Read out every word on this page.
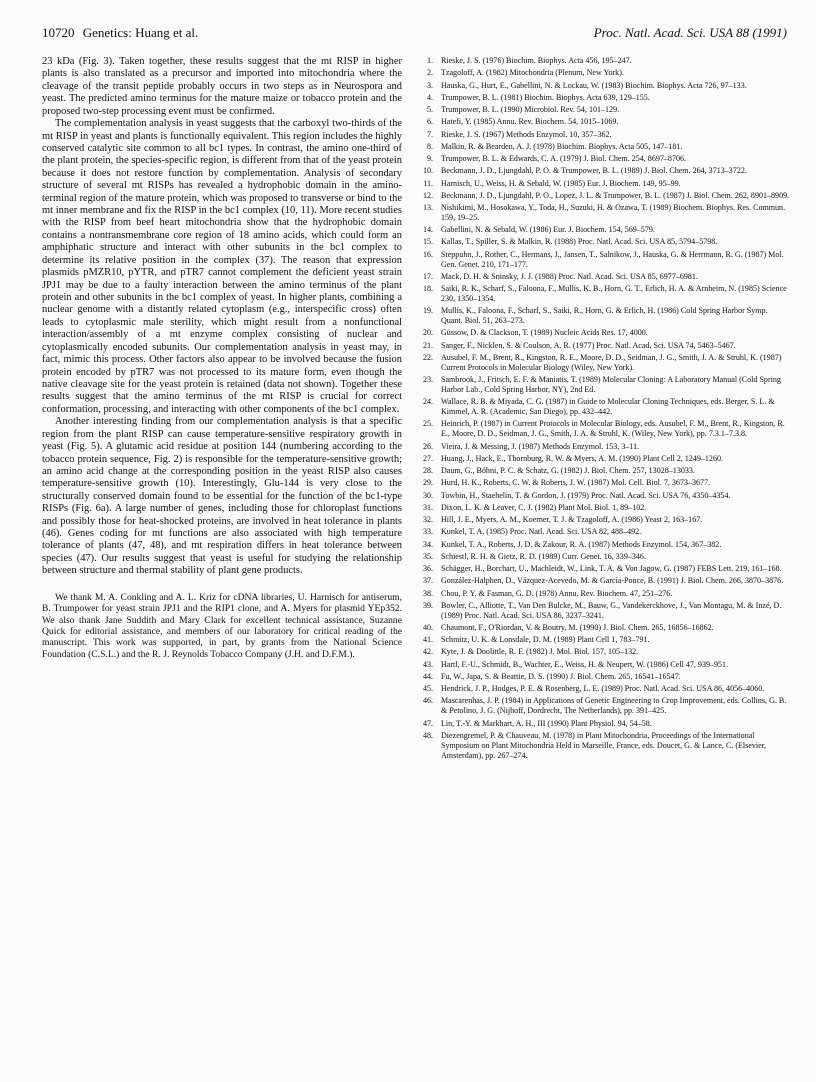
10720 Genetics: Huang et al.	Proc. Natl. Acad. Sci. USA 88 (1991)

23 kDa (Fig. 3). Taken together, these results suggest that the mt RISP in higher plants is also translated as a precursor and imported into mitochondria where the cleavage of the transit peptide probably occurs in two steps as in Neurospora and yeast. The predicted amino terminus for the mature maize or tobacco protein and the proposed two-step processing event must be confirmed.

The complementation analysis in yeast suggests that the carboxyl two-thirds of the mt RISP in yeast and plants is functionally equivalent. This region includes the highly conserved catalytic site common to all bc1 types. In contrast, the amino one-third of the plant protein, the species-specific region, is different from that of the yeast protein because it does not restore function by complementation. Analysis of secondary structure of several mt RISPs has revealed a hydrophobic domain in the amino-terminal region of the mature protein, which was proposed to transverse or bind to the mt inner membrane and fix the RISP in the bc1 complex (10, 11). More recent studies with the RISP from beef heart mitochondria show that the hydrophobic domain contains a nontransmembrane core region of 18 amino acids, which could form an amphiphatic structure and interact with other subunits in the bc1 complex to determine its relative position in the complex (37). The reason that expression plasmids pMZR10, pYTR, and pTR7 cannot complement the deficient yeast strain JPJ1 may be due to a faulty interaction between the amino terminus of the plant protein and other subunits in the bc1 complex of yeast. In higher plants, combining a nuclear genome with a distantly related cytoplasm (e.g., interspecific cross) often leads to cytoplasmic male sterility, which might result from a nonfunctional interaction/assembly of a mt enzyme complex consisting of nuclear and cytoplasmically encoded subunits. Our complementation analysis in yeast may, in fact, mimic this process. Other factors also appear to be involved because the fusion protein encoded by pTR7 was not processed to its mature form, even though the native cleavage site for the yeast protein is retained (data not shown). Together these results suggest that the amino terminus of the mt RISP is crucial for correct conformation, processing, and interacting with other components of the bc1 complex.

Another interesting finding from our complementation analysis is that a specific region from the plant RISP can cause temperature-sensitive respiratory growth in yeast (Fig. 5). A glutamic acid residue at position 144 (numbering according to the tobacco protein sequence, Fig. 2) is responsible for the temperature-sensitive growth; an amino acid change at the corresponding position in the yeast RISP also causes temperature-sensitive growth (10). Interestingly, Glu-144 is very close to the structurally conserved domain found to be essential for the function of the bc1-type RISPs (Fig. 6a). A large number of genes, including those for chloroplast functions and possibly those for heat-shocked proteins, are involved in heat tolerance in plants (46). Genes coding for mt functions are also associated with high temperature tolerance of plants (47, 48), and mt respiration differs in heat tolerance between species (47). Our results suggest that yeast is useful for studying the relationship between structure and thermal stability of plant gene products.

We thank M. A. Conkling and A. L. Kriz for cDNA libraries, U. Harnisch for antiserum, B. Trumpower for yeast strain JPJ1 and the RIP1 clone, and A. Myers for plasmid YEp352. We also thank Jane Suddith and Mary Clark for excellent technical assistance, Suzanne Quick for editorial assistance, and members of our laboratory for critical reading of the manuscript. This work was supported, in part, by grants from the National Science Foundation (C.S.L.) and the R. J. Reynolds Tobacco Company (J.H. and D.F.M.).

1. Rieske, J. S. (1976) Biochim. Biophys. Acta 456, 195–247.
2. Tzagoloff, A. (1982) Mitochondria (Plenum, New York).
3. Hauska, G., Hurt, E., Gabellini, N. & Lockau, W. (1983) Biochim. Biophys. Acta 726, 97–133.
4. Trumpower, B. L. (1981) Biochim. Biophys. Acta 639, 129–155.
5. Trumpower, B. L. (1990) Microbiol. Rev. 54, 101–129.
6. Hatefi, Y. (1985) Annu. Rev. Biochem. 54, 1015–1069.
7. Rieske, J. S. (1967) Methods Enzymol. 10, 357–362.
8. Malkin, R. & Bearden, A. J. (1978) Biochim. Biophys. Acta 505, 147–181.
9. Trumpower, B. L. & Edwards, C. A. (1979) J. Biol. Chem. 254, 8697–8706.
10. Beckmann, J. D., Ljungdahl, P. O. & Trumpower, B. L. (1989) J. Biol. Chem. 264, 3713–3722.
11. Harnisch, U., Weiss, H. & Sebald, W. (1985) Eur. J. Biochem. 149, 95–99.
12. Beckmann, J. D., Ljungdahl, P. O., Lopez, J. L. & Trumpower, B. L. (1987) J. Biol. Chem. 262, 8901–8909.
13. Nishikimi, M., Hosokawa, Y., Toda, H., Suzuki, H. & Ozawa, T. (1989) Biochem. Biophys. Res. Commun. 159, 19–25.
14. Gabellini, N. & Sebald, W. (1986) Eur. J. Biochem. 154, 569–579.
15. Kallas, T., Spiller, S. & Malkin, R. (1988) Proc. Natl. Acad. Sci. USA 85, 5794–5798.
16. Steppuhn, J., Rother, C., Hermans, J., Jansen, T., Salnikow, J., Hauska, G. & Herrmann, R. G. (1987) Mol. Gen. Genet. 210, 171–177.
17. Mack, D. H. & Sninsky, J. J. (1988) Proc. Natl. Acad. Sci. USA 85, 6977–6981.
18. Saiki, R. K., Scharf, S., Faloona, F., Mullis, K. B., Horn, G. T., Erlich, H. A. & Arnheim, N. (1985) Science 230, 1350–1354.
19. Mullis, K., Faloona, F., Scharf, S., Saiki, R., Horn, G. & Erlich, H. (1986) Cold Spring Harbor Symp. Quant. Biol. 51, 263–273.
20. Güssow, D. & Clackson, T. (1989) Nucleic Acids Res. 17, 4000.
21. Sanger, F., Nicklen, S. & Coulson, A. R. (1977) Proc. Natl. Acad. Sci. USA 74, 5463–5467.
22. Ausubel, F. M., Brent, R., Kingston, R. E., Moore, D. D., Seidman, J. G., Smith, J. A. & Struhl, K. (1987) Current Protocols in Molecular Biology (Wiley, New York).
23. Sambrook, J., Fritsch, E. F. & Maniatis, T. (1989) Molecular Cloning: A Laboratory Manual (Cold Spring Harbor Lab., Cold Spring Harbor, NY), 2nd Ed.
24. Wallace, R. B. & Miyada, C. G. (1987) in Guide to Molecular Cloning Techniques, eds. Berger, S. L. & Kimmel, A. R. (Academic, San Diego), pp. 432–442.
25. Heinrich, P. (1987) in Current Protocols in Molecular Biology, eds. Ausubel, F. M., Brent, R., Kingston, R. E., Moore, D. D., Seidman, J. G., Smith, J. A. & Struhl, K. (Wiley, New York), pp. 7.3.1–7.3.8.
26. Vieira, J. & Messing, J. (1987) Methods Enzymol. 153, 3–11.
27. Huang, J., Hack, E., Thornburg, R. W. & Myers, A. M. (1990) Plant Cell 2, 1249–1260.
28. Daum, G., Böhni, P. C. & Schatz, G. (1982) J. Biol. Chem. 257, 13028–13033.
29. Hurd, H. K., Roberts, C. W. & Roberts, J. W. (1987) Mol. Cell. Biol. 7, 3673–3677.
30. Towbin, H., Staehelin, T. & Gordon, J. (1979) Proc. Natl. Acad. Sci. USA 76, 4350–4354.
31. Dixon, L. K. & Leaver, C. J. (1982) Plant Mol. Biol. 1, 89–102.
32. Hill, J. E., Myers, A. M., Koerner, T. J. & Tzagoloff, A. (1986) Yeast 2, 163–167.
33. Kunkel, T. A. (1985) Proc. Natl. Acad. Sci. USA 82, 488–492.
34. Kunkel, T. A., Roberts, J. D. & Zakour, R. A. (1987) Methods Enzymol. 154, 367–382.
35. Schiestl, R. H. & Gietz, R. D. (1989) Curr. Genet. 16, 339–346.
36. Schägger, H., Borchart, U., Machleidt, W., Link, T. A. & Von Jagow, G. (1987) FEBS Lett. 219, 161–168.
37. González-Halphen, D., Vázquez-Acevedo, M. & García-Ponce, B. (1991) J. Biol. Chem. 266, 3870–3876.
38. Chou, P. Y. & Fasman, G. D. (1978) Annu. Rev. Biochem. 47, 251–276.
39. Bowler, C., Alliotte, T., Van Den Bulcke, M., Bauw, G., Vandekerckhove, J., Van Montagu, M. & Inzé, D. (1989) Proc. Natl. Acad. Sci. USA 86, 3237–3241.
40. Chaumont, F., O'Riordan, V. & Boutry, M. (1990) J. Biol. Chem. 265, 16856–16862.
41. Schmitz, U. K. & Lonsdale, D. M. (1989) Plant Cell 1, 783–791.
42. Kyte, J. & Doolittle, R. F. (1982) J. Mol. Biol. 157, 105–132.
43. Hartl, F.-U., Schmidt, B., Wachter, E., Weiss, H. & Neupert, W. (1986) Cell 47, 939–951.
44. Fu, W., Japa, S. & Beattie, D. S. (1990) J. Biol. Chem. 265, 16541–16547.
45. Hendrick, J. P., Hodges, P. E. & Rosenberg, L. E. (1989) Proc. Natl. Acad. Sci. USA 86, 4056–4060.
46. Mascarenhas, J. P. (1984) in Applications of Genetic Engineering to Crop Improvement, eds. Collins, G. B. & Petolino, J. G. (Nijhoff, Dordrecht, The Netherlands), pp. 391–425.
47. Lin, T.-Y. & Markhart, A. H., III (1990) Plant Physiol. 94, 54–58.
48. Diezengremel, P. & Chauveau, M. (1978) in Plant Mitochondria, Proceedings of the International Symposium on Plant Mitochondria Held in Marseille, France, eds. Doucet, G. & Lance, C. (Elsevier, Amsterdam), pp. 267–274.
